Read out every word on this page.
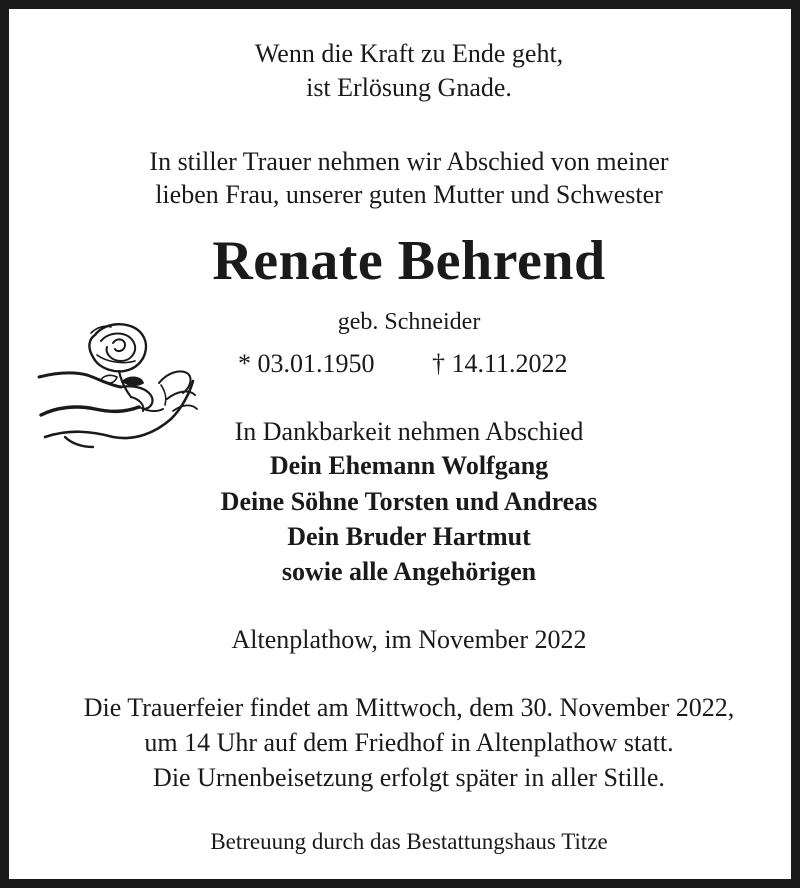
Wenn die Kraft zu Ende geht,
ist Erlösung Gnade.
In stiller Trauer nehmen wir Abschied von meiner
lieben Frau, unserer guten Mutter und Schwester
Renate Behrend
geb. Schneider
* 03.01.1950 † 14.11.2022
In Dankbarkeit nehmen Abschied
Dein Ehemann Wolfgang
Deine Söhne Torsten und Andreas
Dein Bruder Hartmut
sowie alle Angehörigen
Altenplathow, im November 2022
Die Trauerfeier findet am Mittwoch, dem 30. November 2022,
um 14 Uhr auf dem Friedhof in Altenplathow statt.
Die Urnenbeisetzung erfolgt später in aller Stille.
Betreuung durch das Bestattungshaus Titze
